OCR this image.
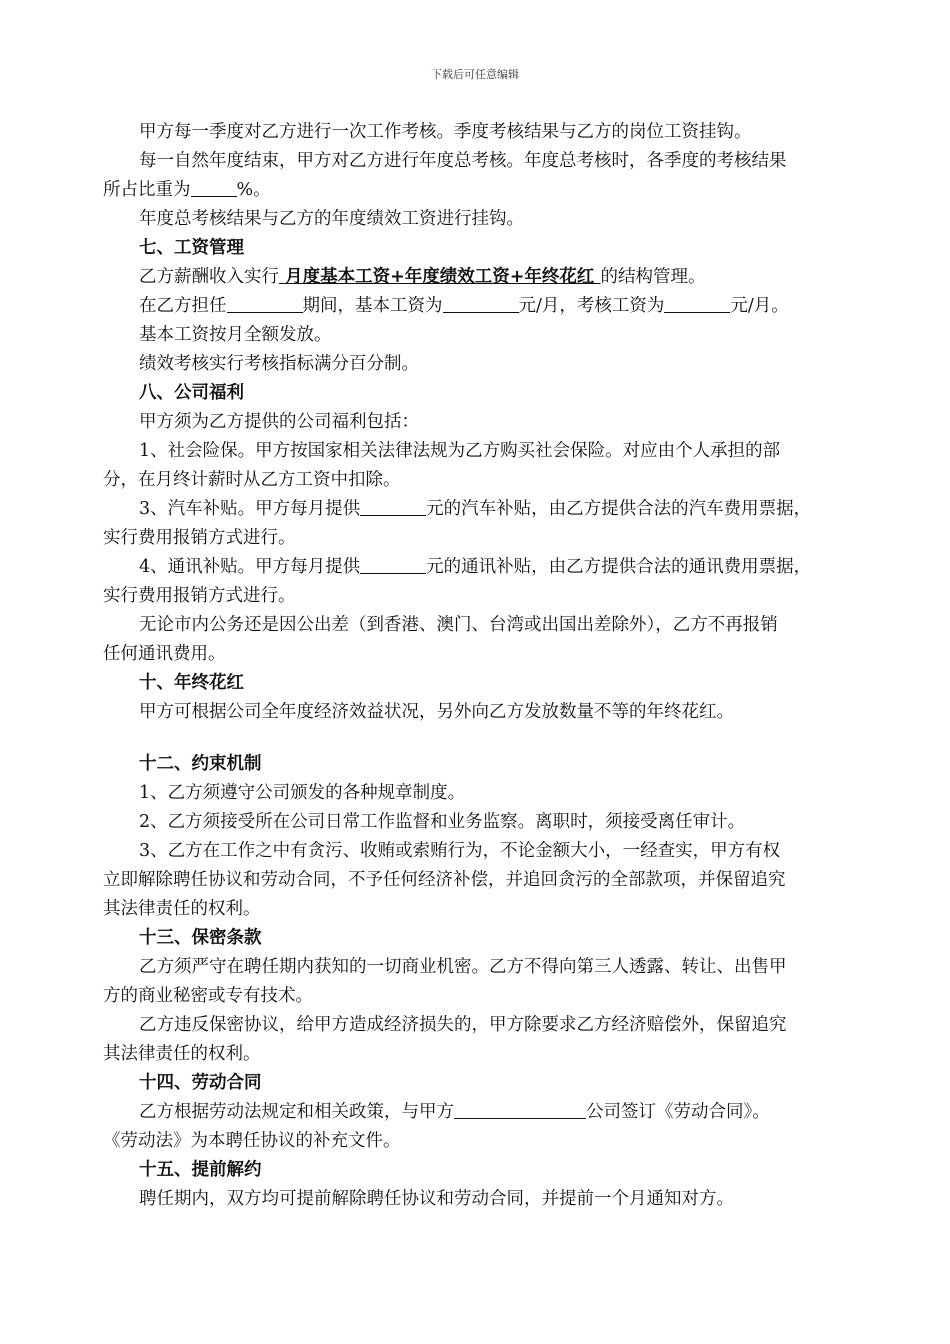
下载后可任意编辑
甲方每一季度对乙方进行一次工作考核。季度考核结果与乙方的岗位工资挂钩。
每一自然年度结束，甲方对乙方进行年度总考核。年度总考核时，各季度的考核结果
所占比重为	%。
年度总考核结果与乙方的年度绩效工资进行挂钩。
七、工资管理
乙方薪酬收入实行 月度基本工资+年度绩效工资+年终花红 的结构管理。
在乙方担任	期间，基本工资为	元/月，考核工资为	元/月。
基本工资按月全额发放。
绩效考核实行考核指标满分百分制。
八、公司福利
甲方须为乙方提供的公司福利包括：
1、社会险保。甲方按国家相关法律法规为乙方购买社会保险。对应由个人承担的部
分，在月终计薪时从乙方工资中扣除。
3、汽车补贴。甲方每月提供	元的汽车补贴，由乙方提供合法的汽车费用票据，
实行费用报销方式进行。
4、通讯补贴。甲方每月提供	元的通讯补贴，由乙方提供合法的通讯费用票据，
实行费用报销方式进行。
无论市内公务还是因公出差（到香港、澳门、台湾或出国出差除外），乙方不再报销
任何通讯费用。
十、年终花红
甲方可根据公司全年度经济效益状况，另外向乙方发放数量不等的年终花红。
十二、约束机制
1、乙方须遵守公司颁发的各种规章制度。
2、乙方须接受所在公司日常工作监督和业务监察。离职时，须接受离任审计。
3、乙方在工作之中有贪污、收贿或索贿行为，不论金额大小，一经查实，甲方有权
立即解除聘任协议和劳动合同，不予任何经济补偿，并追回贪污的全部款项，并保留追究
其法律责任的权利。
十三、保密条款
乙方须严守在聘任期内获知的一切商业机密。乙方不得向第三人透露、转让、出售甲
方的商业秘密或专有技术。
乙方违反保密协议，给甲方造成经济损失的，甲方除要求乙方经济赔偿外，保留追究
其法律责任的权利。
十四、劳动合同
乙方根据劳动法规定和相关政策，与甲方	公司签订《劳动合同》。
《劳动法》为本聘任协议的补充文件。
十五、提前解约
聘任期内，双方均可提前解除聘任协议和劳动合同，并提前一个月通知对方。
